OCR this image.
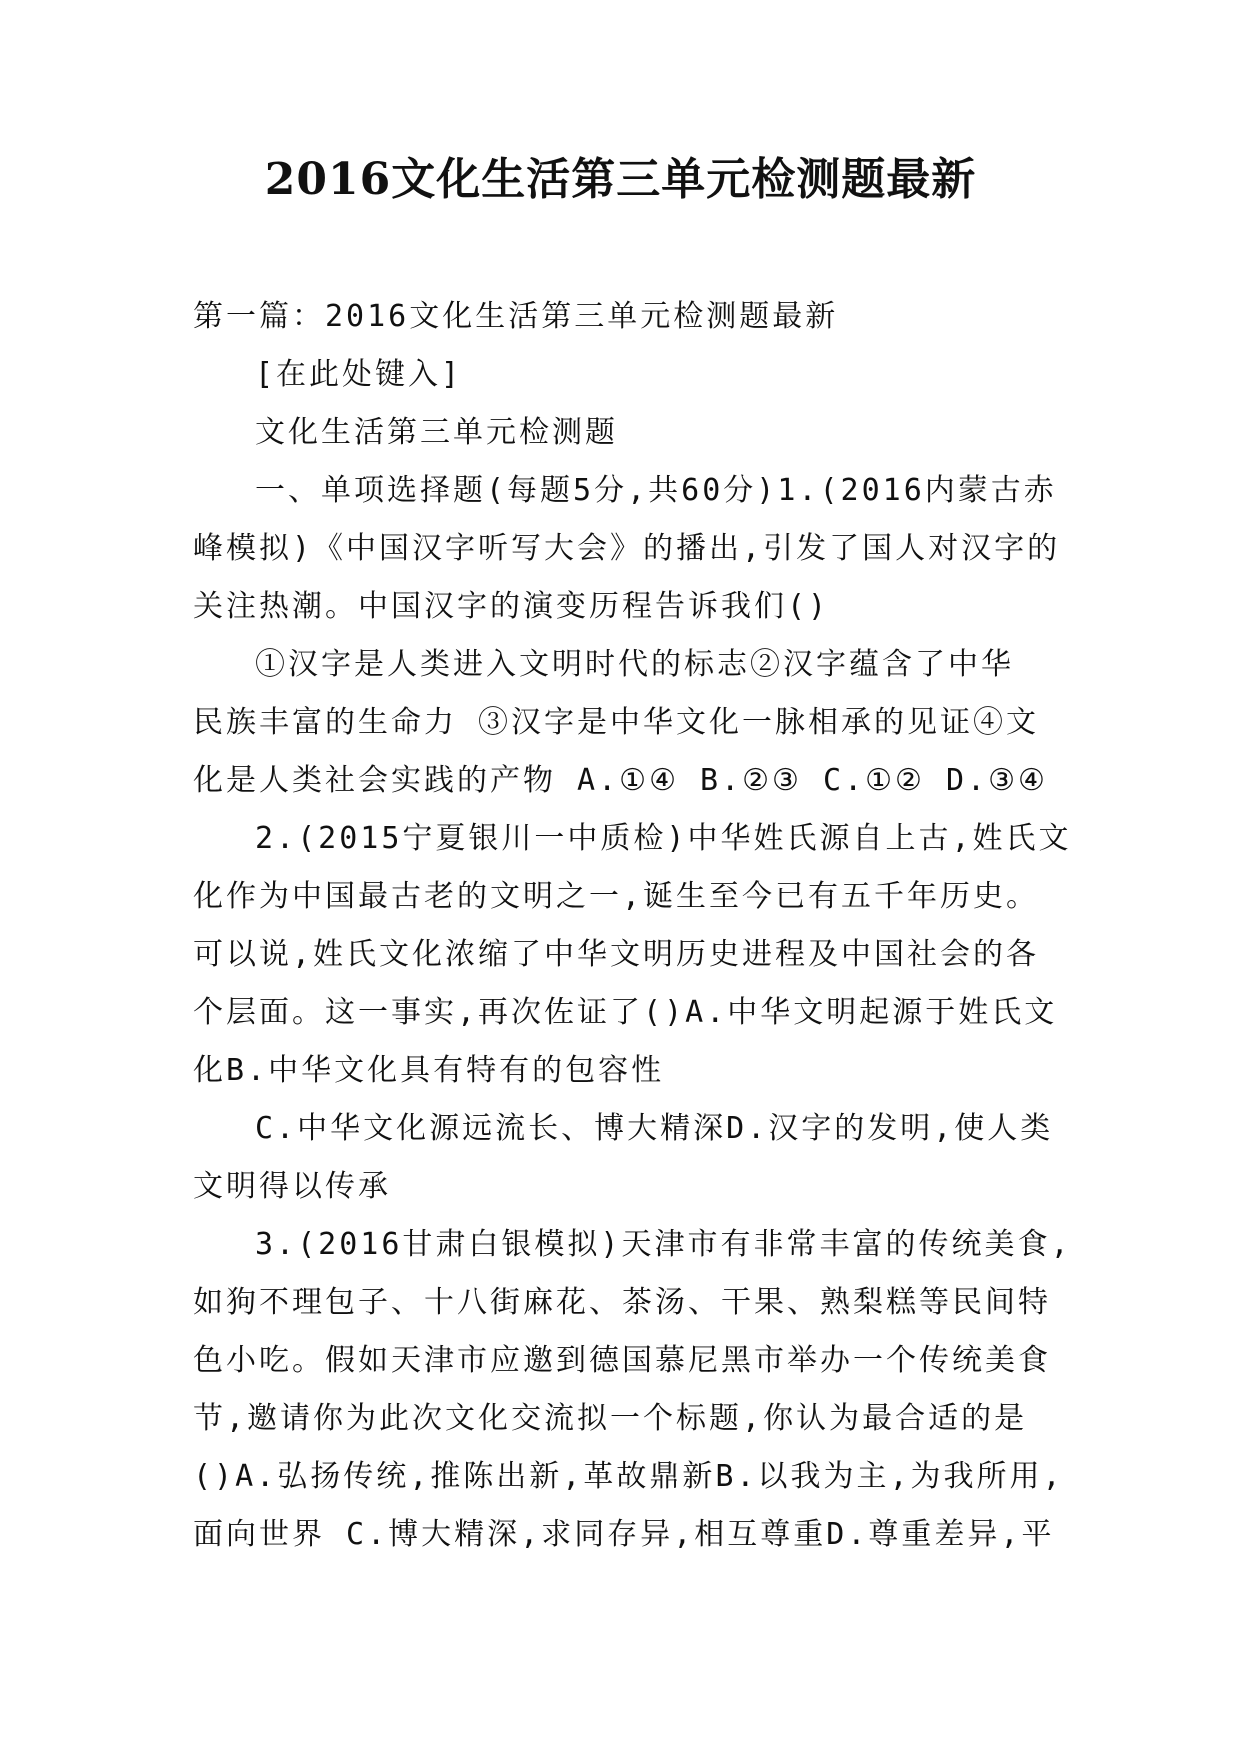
2016文化生活第三单元检测题最新
第一篇：2016文化生活第三单元检测题最新
[在此处键入]
文化生活第三单元检测题
一、单项选择题(每题5分,共60分)1.(2016内蒙古赤
峰模拟)《中国汉字听写大会》的播出,引发了国人对汉字的
关注热潮。中国汉字的演变历程告诉我们()
①汉字是人类进入文明时代的标志②汉字蕴含了中华
民族丰富的生命力 ③汉字是中华文化一脉相承的见证④文
化是人类社会实践的产物 A.①④ B.②③ C.①② D.③④
2.(2015宁夏银川一中质检)中华姓氏源自上古,姓氏文
化作为中国最古老的文明之一,诞生至今已有五千年历史。
可以说,姓氏文化浓缩了中华文明历史进程及中国社会的各
个层面。这一事实,再次佐证了()A.中华文明起源于姓氏文
化B.中华文化具有特有的包容性
C.中华文化源远流长、博大精深D.汉字的发明,使人类
文明得以传承
3.(2016甘肃白银模拟)天津市有非常丰富的传统美食,
如狗不理包子、十八街麻花、茶汤、干果、熟梨糕等民间特
色小吃。假如天津市应邀到德国慕尼黑市举办一个传统美食
节,邀请你为此次文化交流拟一个标题,你认为最合适的是
()A.弘扬传统,推陈出新,革故鼎新B.以我为主,为我所用,
面向世界 C.博大精深,求同存异,相互尊重D.尊重差异,平
